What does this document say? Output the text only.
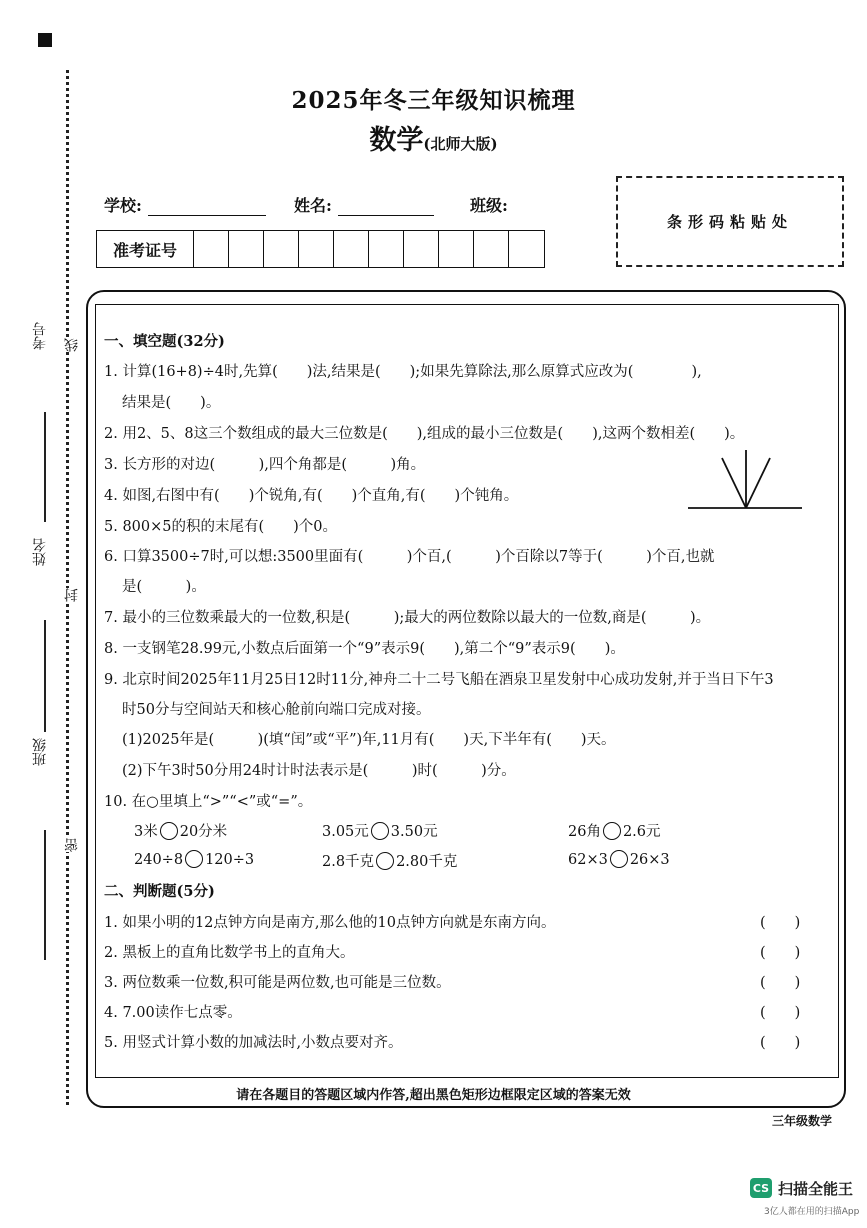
2025年冬三年级知识梳理
数学(北师大版)
学校:	姓名:	班级:
条形码粘贴处
准考证号
考号
姓名
班级
线
封
密
一、填空题(32分)
1. 计算(16+8)÷4时,先算(　　)法,结果是(　　);如果先算除法,那么原算式应改为(　　　　),
结果是(　　)。
2. 用2、5、8这三个数组成的最大三位数是(　　),组成的最小三位数是(　　),这两个数相差(　　)。
3. 长方形的对边(　　　),四个角都是(　　　)角。
4. 如图,右图中有(　　)个锐角,有(　　)个直角,有(　　)个钝角。
5. 800×5的积的末尾有(　　)个0。
6. 口算3500÷7时,可以想:3500里面有(　　　)个百,(　　　)个百除以7等于(　　　)个百,也就
是(　　　)。
7. 最小的三位数乘最大的一位数,积是(　　　);最大的两位数除以最大的一位数,商是(　　　)。
8. 一支钢笔28.99元,小数点后面第一个“9”表示9(　　),第二个“9”表示9(　　)。
9. 北京时间2025年11月25日12时11分,神舟二十二号飞船在酒泉卫星发射中心成功发射,并于当日下午3
时50分与空间站天和核心舱前向端口完成对接。
(1)2025年是(　　　)(填“闰”或“平”)年,11月有(　　)天,下半年有(　　)天。
(2)下午3时50分用24时计时法表示是(　　　)时(　　　)分。
10. 在○里填上“>”“<”或“=”。
3米 20分米	3.05元 3.50元	26角 2.6元
240÷8 120÷3	2.8千克 2.80千克	62×3 26×3
二、判断题(5分)
1. 如果小明的12点钟方向是南方,那么他的10点钟方向就是东南方向。	(　　)
2. 黑板上的直角比数学书上的直角大。	(　　)
3. 两位数乘一位数,积可能是两位数,也可能是三位数。	(　　)
4. 7.00读作七点零。	(　　)
5. 用竖式计算小数的加减法时,小数点要对齐。	(　　)
请在各题目的答题区域内作答,超出黑色矩形边框限定区域的答案无效
三年级数学
CS 扫描全能王
3亿人都在用的扫描App
